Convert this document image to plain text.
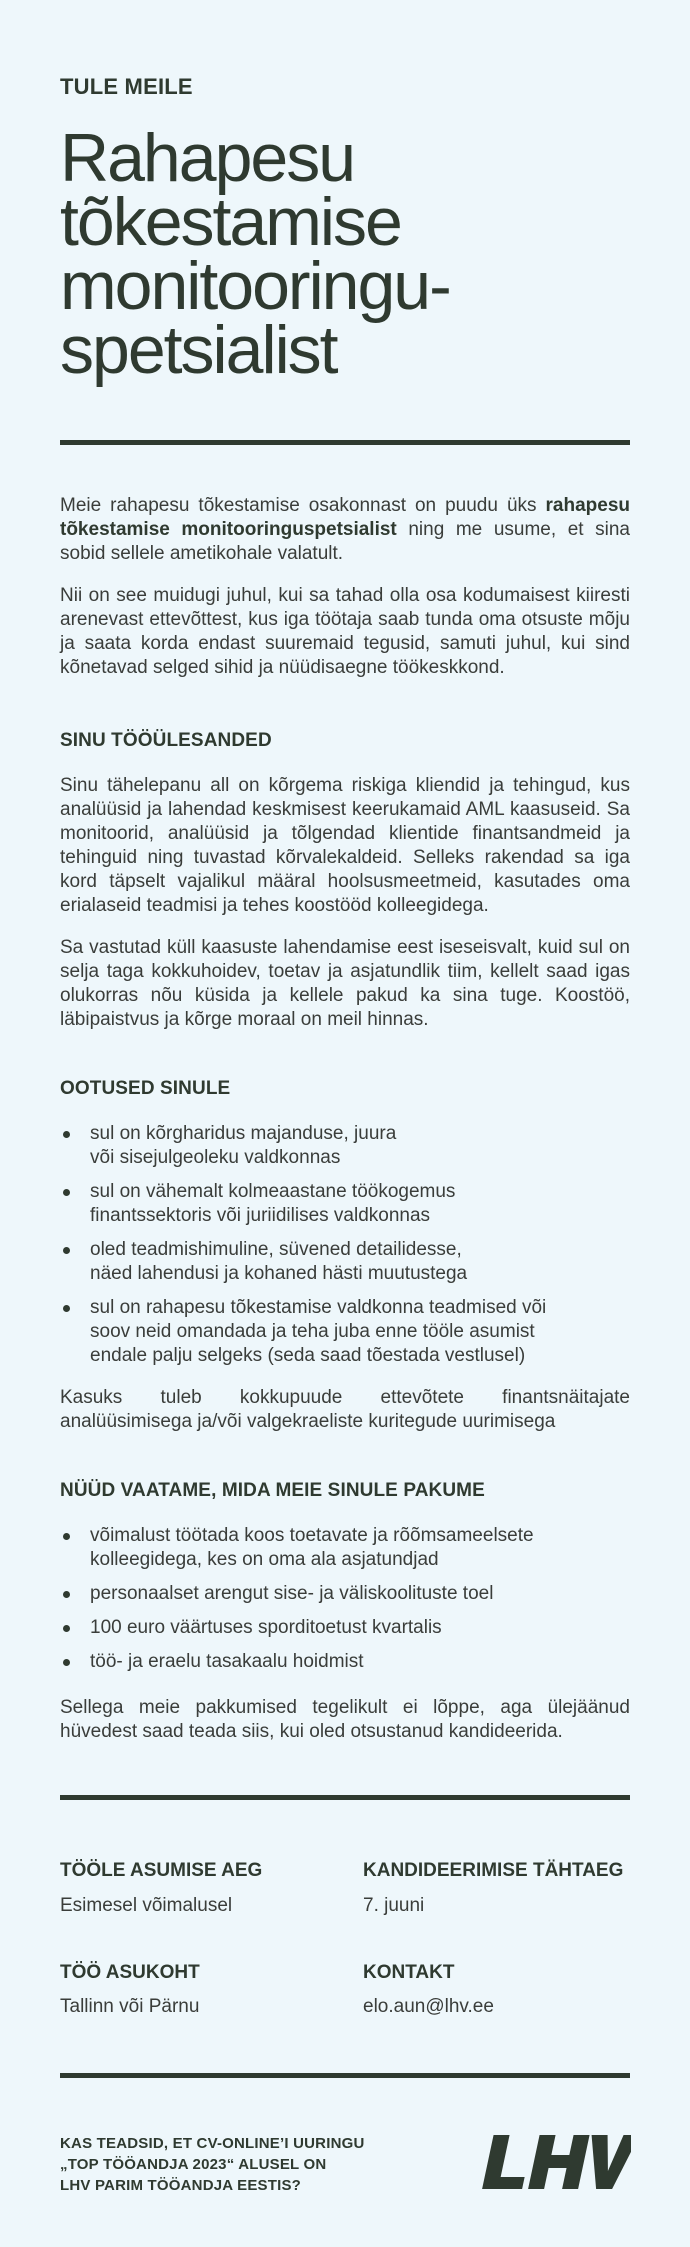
TULE MEILE
Rahapesu
tõkestamise
monitooringu-
spetsialist

Meie rahapesu tõkestamise osakonnast on puudu üks rahapesu tõkestamise monitooringuspetsialist ning me usume, et sina sobid sellele ametikohale valatult.

Nii on see muidugi juhul, kui sa tahad olla osa kodumaisest kiiresti arenevast ettevõttest, kus iga töötaja saab tunda oma otsuste mõju ja saata korda endast suuremaid tegusid, samuti juhul, kui sind kõnetavad selged sihid ja nüüdisaegne töökeskkond.

SINU TÖÖÜLESANDED

Sinu tähelepanu all on kõrgema riskiga kliendid ja tehingud, kus analüüsid ja lahendad keskmisest keerukamaid AML kaasuseid. Sa monitoorid, analüüsid ja tõlgendad klientide finantsandmeid ja tehinguid ning tuvastad kõrvalekaldeid. Selleks rakendad sa iga kord täpselt vajalikul määral hoolsusmeetmeid, kasutades oma erialaseid teadmisi ja tehes koostööd kolleegidega.

Sa vastutad küll kaasuste lahendamise eest iseseisvalt, kuid sul on selja taga kokkuhoidev, toetav ja asjatundlik tiim, kellelt saad igas olukorras nõu küsida ja kellele pakud ka sina tuge. Koostöö, läbipaistvus ja kõrge moraal on meil hinnas.

OOTUSED SINULE
sul on kõrgharidus majanduse, juura
või sisejulgeoleku valdkonnas
sul on vähemalt kolmeaastane töökogemus
finantssektoris või juriidilises valdkonnas
oled teadmishimuline, süvened detailidesse,
näed lahendusi ja kohaned hästi muutustega
sul on rahapesu tõkestamise valdkonna teadmised või
soov neid omandada ja teha juba enne tööle asumist
endale palju selgeks (seda saad tõestada vestlusel)
Kasuks tuleb kokkupuude ettevõtete finantsnäitajate analüüsimisega ja/või valgekraeliste kuritegude uurimisega
NÜÜD VAATAME, MIDA MEIE SINULE PAKUME
võimalust töötada koos toetavate ja rõõmsameelsete
kolleegidega, kes on oma ala asjatundjad
personaalset arengut sise- ja väliskoolituste toel
100 euro väärtuses sporditoetust kvartalis
töö- ja eraelu tasakaalu hoidmist
Sellega meie pakkumised tegelikult ei lõppe, aga ülejäänud hüvedest saad teada siis, kui oled otsustanud kandideerida.
TÖÖLE ASUMISE AEG
Esimesel võimalusel
KANDIDEERIMISE TÄHTAEG
7. juuni
TÖÖ ASUKOHT
Tallinn või Pärnu
KONTAKT
elo.aun@lhv.ee
KAS TEADSID, ET CV-ONLINE’I UURINGU
„TOP TÖÖANDJA 2023“ ALUSEL ON
LHV PARIM TÖÖANDJA EESTIS?
